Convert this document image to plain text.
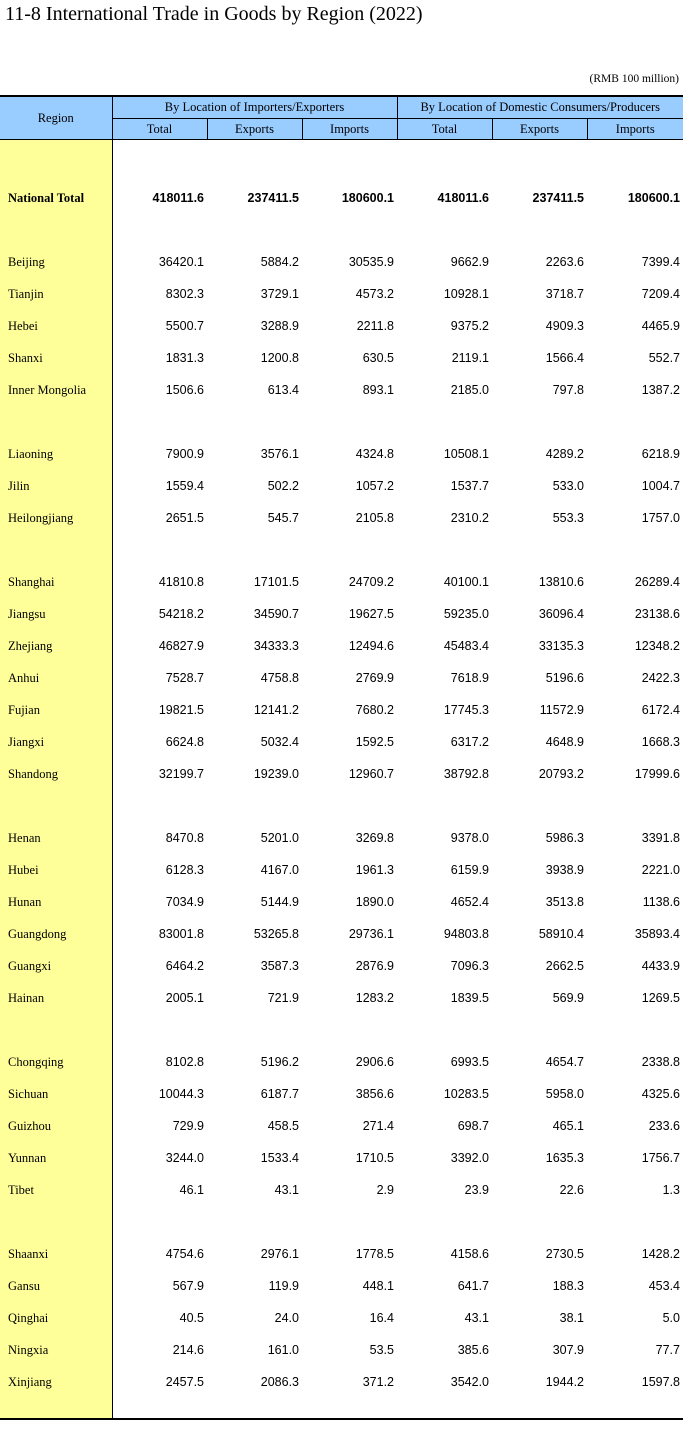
11-8 International Trade in Goods by Region (2022)
(RMB 100 million)
Region	By Location of Importers/Exporters			By Location of Domestic Consumers/Producers		
	Total	Exports	Imports	Total	Exports	Imports

National Total	418011.6	237411.5	180600.1	418011.6	237411.5	180600.1

Beijing	36420.1	5884.2	30535.9	9662.9	2263.6	7399.4
Tianjin	8302.3	3729.1	4573.2	10928.1	3718.7	7209.4
Hebei	5500.7	3288.9	2211.8	9375.2	4909.3	4465.9
Shanxi	1831.3	1200.8	630.5	2119.1	1566.4	552.7
Inner Mongolia	1506.6	613.4	893.1	2185.0	797.8	1387.2

Liaoning	7900.9	3576.1	4324.8	10508.1	4289.2	6218.9
Jilin	1559.4	502.2	1057.2	1537.7	533.0	1004.7
Heilongjiang	2651.5	545.7	2105.8	2310.2	553.3	1757.0

Shanghai	41810.8	17101.5	24709.2	40100.1	13810.6	26289.4
Jiangsu	54218.2	34590.7	19627.5	59235.0	36096.4	23138.6
Zhejiang	46827.9	34333.3	12494.6	45483.4	33135.3	12348.2
Anhui	7528.7	4758.8	2769.9	7618.9	5196.6	2422.3
Fujian	19821.5	12141.2	7680.2	17745.3	11572.9	6172.4
Jiangxi	6624.8	5032.4	1592.5	6317.2	4648.9	1668.3
Shandong	32199.7	19239.0	12960.7	38792.8	20793.2	17999.6

Henan	8470.8	5201.0	3269.8	9378.0	5986.3	3391.8
Hubei	6128.3	4167.0	1961.3	6159.9	3938.9	2221.0
Hunan	7034.9	5144.9	1890.0	4652.4	3513.8	1138.6
Guangdong	83001.8	53265.8	29736.1	94803.8	58910.4	35893.4
Guangxi	6464.2	3587.3	2876.9	7096.3	2662.5	4433.9
Hainan	2005.1	721.9	1283.2	1839.5	569.9	1269.5

Chongqing	8102.8	5196.2	2906.6	6993.5	4654.7	2338.8
Sichuan	10044.3	6187.7	3856.6	10283.5	5958.0	4325.6
Guizhou	729.9	458.5	271.4	698.7	465.1	233.6
Yunnan	3244.0	1533.4	1710.5	3392.0	1635.3	1756.7
Tibet	46.1	43.1	2.9	23.9	22.6	1.3

Shaanxi	4754.6	2976.1	1778.5	4158.6	2730.5	1428.2
Gansu	567.9	119.9	448.1	641.7	188.3	453.4
Qinghai	40.5	24.0	16.4	43.1	38.1	5.0
Ningxia	214.6	161.0	53.5	385.6	307.9	77.7
Xinjiang	2457.5	2086.3	371.2	3542.0	1944.2	1597.8
